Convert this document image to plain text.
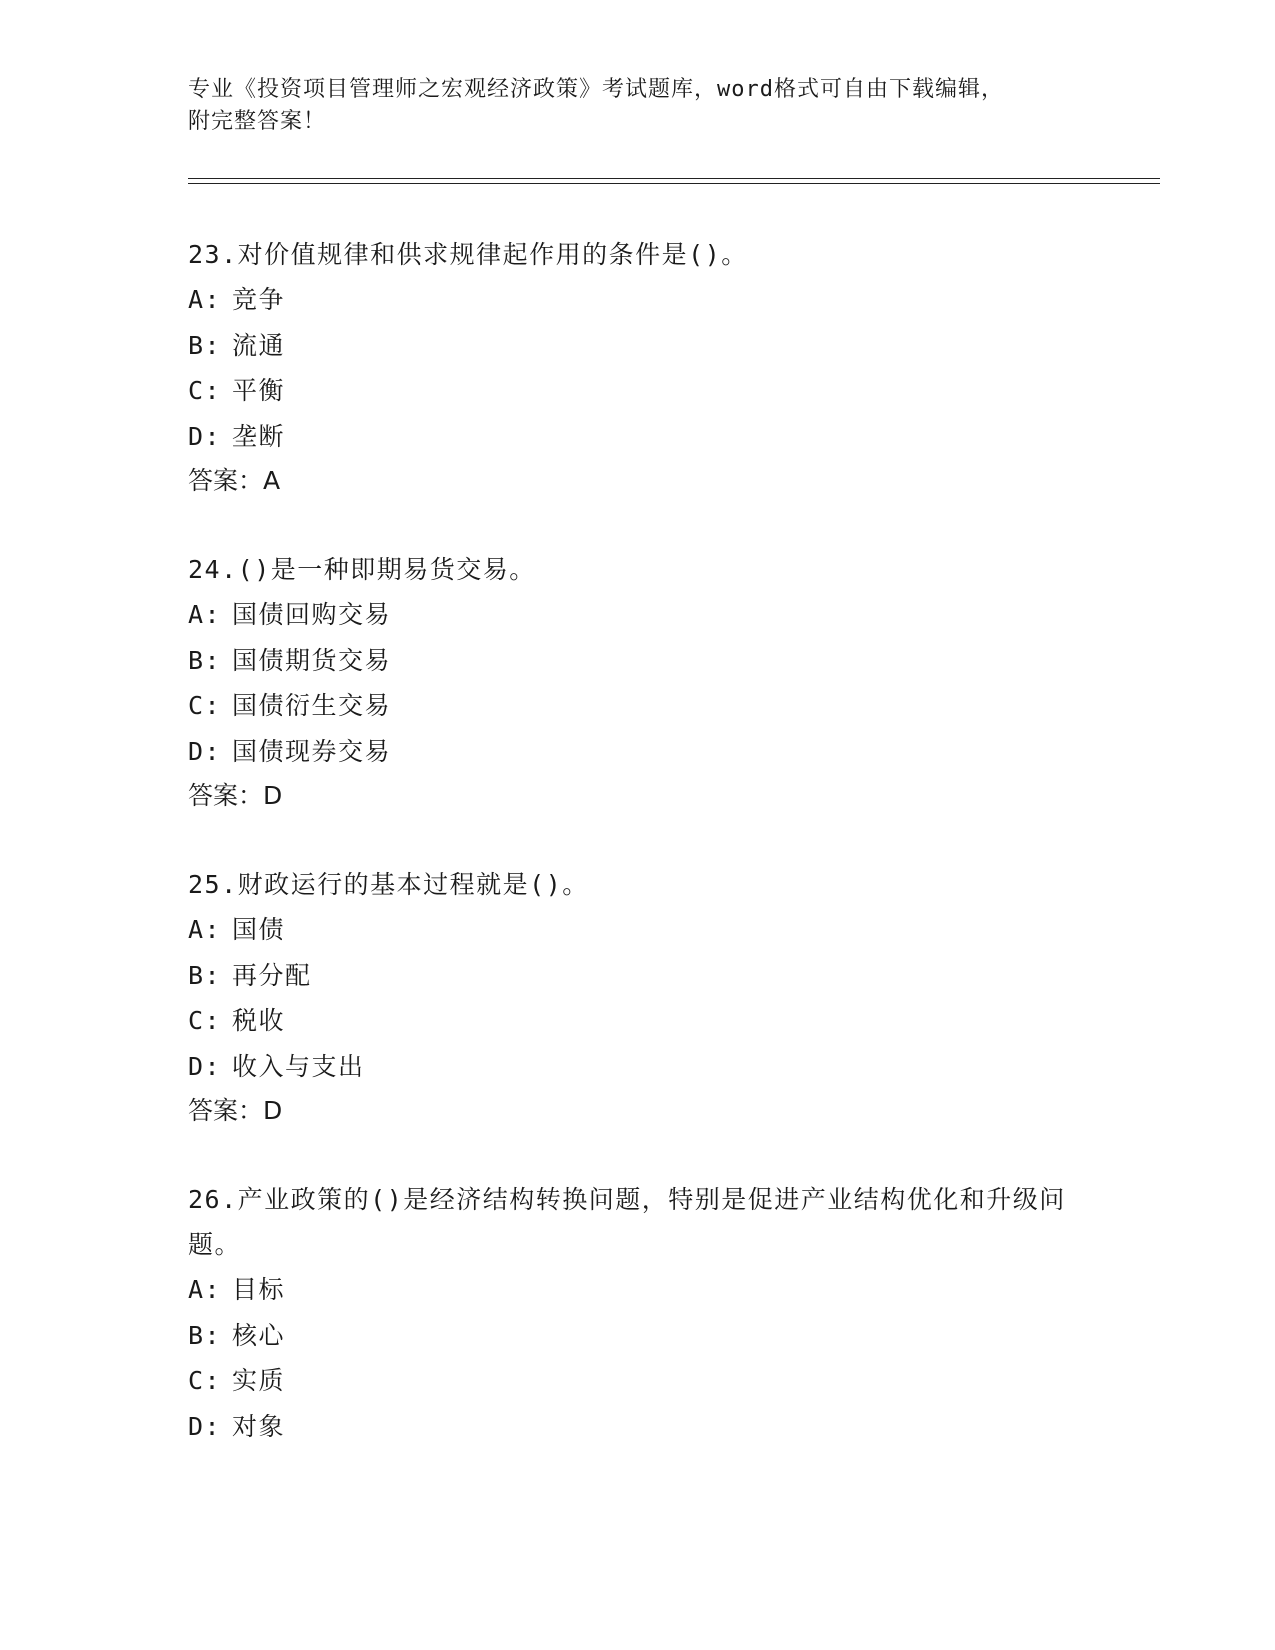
专业《投资项目管理师之宏观经济政策》考试题库，word格式可自由下载编辑，

附完整答案！

23.对价值规律和供求规律起作用的条件是()。

A: 竞争

B: 流通

C: 平衡

D: 垄断

答案：A

24.()是一种即期易货交易。

A: 国债回购交易

B: 国债期货交易

C: 国债衍生交易

D: 国债现券交易

答案：D

25.财政运行的基本过程就是()。

A: 国债

B: 再分配

C: 税收

D: 收入与支出

答案：D

26.产业政策的()是经济结构转换问题，特别是促进产业结构优化和升级问题。

A: 目标

B: 核心

C: 实质

D: 对象
